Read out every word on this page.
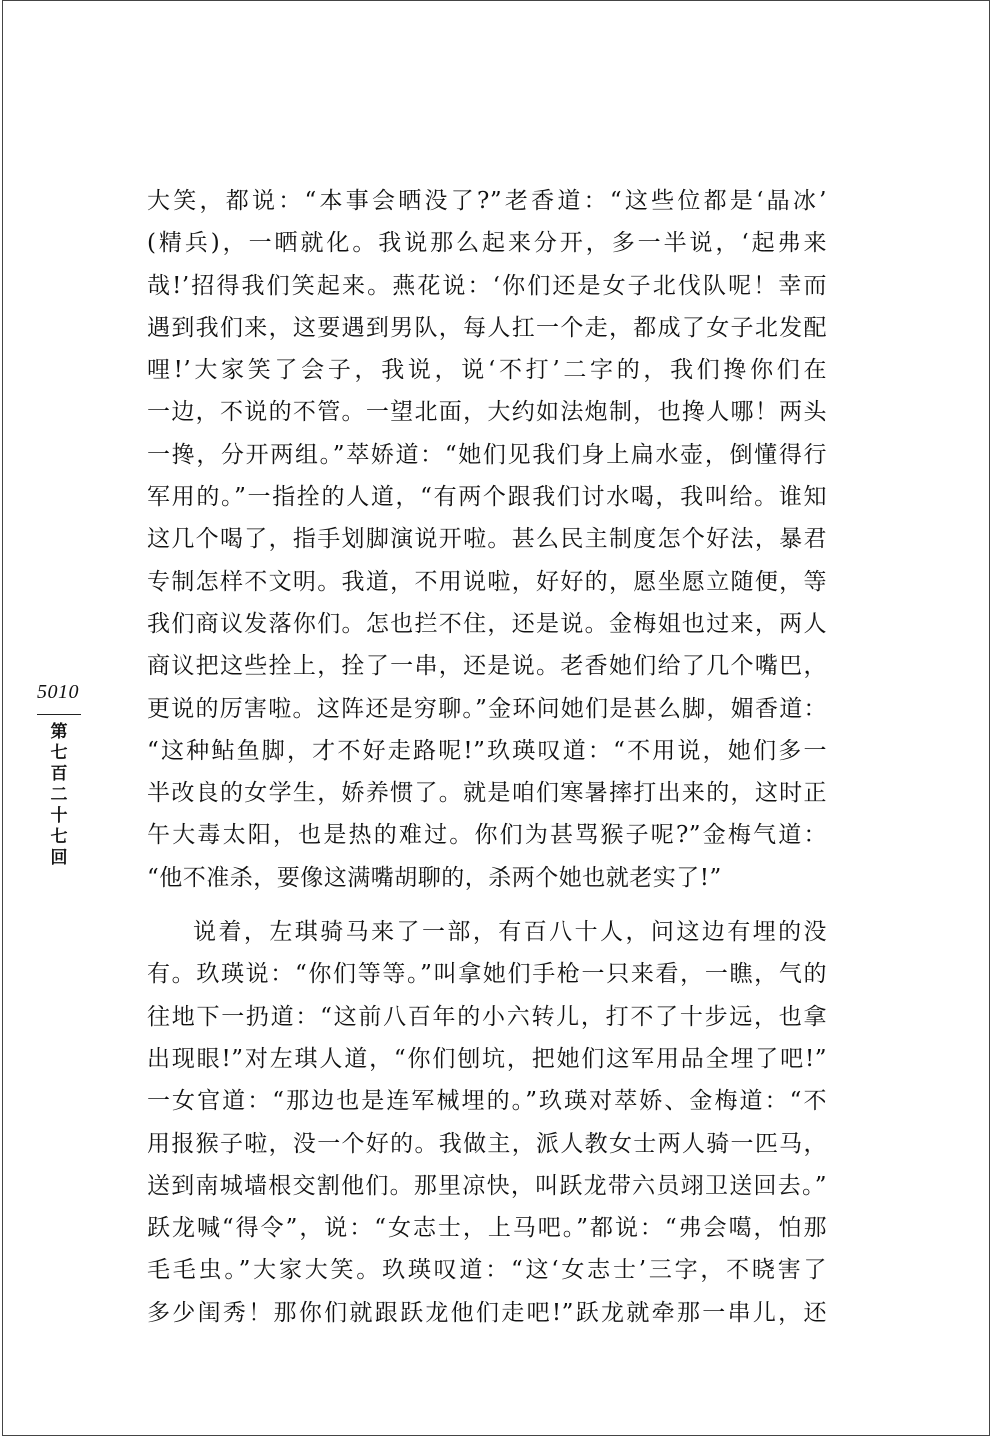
大笑，都说：“本事会晒没了?”老香道：“这些位都是‘晶冰’
(精兵)，一晒就化。我说那么起来分开，多一半说，‘起弗来
哉!’招得我们笑起来。燕花说：‘你们还是女子北伐队呢！幸而
遇到我们来，这要遇到男队，每人扛一个走，都成了女子北发配
哩!’大家笑了会子，我说，说‘不打’二字的，我们搀你们在
一边，不说的不管。一望北面，大约如法炮制，也搀人哪！两头
一搀，分开两组。”萃娇道：“她们见我们身上扁水壶，倒懂得行
军用的。”一指拴的人道，“有两个跟我们讨水喝，我叫给。谁知
这几个喝了，指手划脚演说开啦。甚么民主制度怎个好法，暴君
专制怎样不文明。我道，不用说啦，好好的，愿坐愿立随便，等
我们商议发落你们。怎也拦不住，还是说。金梅姐也过来，两人
商议把这些拴上，拴了一串，还是说。老香她们给了几个嘴巴，
更说的厉害啦。这阵还是穷聊。”金环问她们是甚么脚，媚香道：
“这种鲇鱼脚，才不好走路呢!”玖瑛叹道：“不用说，她们多一
半改良的女学生，娇养惯了。就是咱们寒暑摔打出来的，这时正
午大毒太阳，也是热的难过。你们为甚骂猴子呢?”金梅气道：
“他不准杀，要像这满嘴胡聊的，杀两个她也就老实了!”
说着，左琪骑马来了一部，有百八十人，问这边有埋的没
有。玖瑛说：“你们等等。”叫拿她们手枪一只来看，一瞧，气的
往地下一扔道：“这前八百年的小六转儿，打不了十步远，也拿
出现眼!”对左琪人道，“你们刨坑，把她们这军用品全埋了吧!”
一女官道：“那边也是连军械埋的。”玖瑛对萃娇、金梅道：“不
用报猴子啦，没一个好的。我做主，派人教女士两人骑一匹马，
送到南城墙根交割他们。那里凉快，叫跃龙带六员翊卫送回去。”
跃龙喊“得令”，说：“女志士，上马吧。”都说：“弗会噶，怕那
毛毛虫。”大家大笑。玖瑛叹道：“这‘女志士’三字，不晓害了
多少闺秀！那你们就跟跃龙他们走吧!”跃龙就牵那一串儿，还
5010
第七百二十七回
